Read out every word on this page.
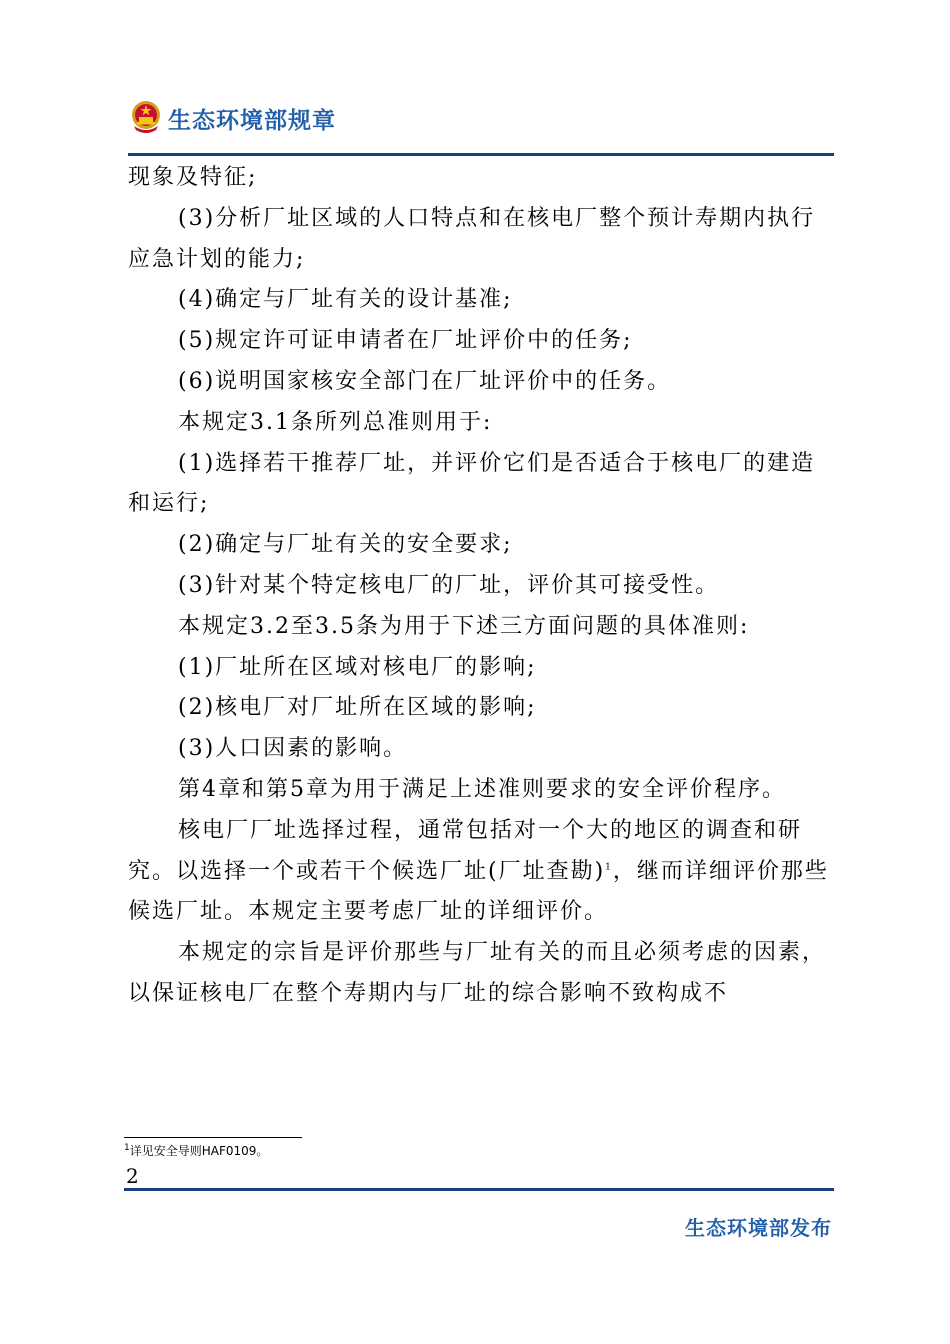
生态环境部规章

现象及特征;

(3)分析厂址区域的人口特点和在核电厂整个预计寿期内执行应急计划的能力;

(4)确定与厂址有关的设计基准;

(5)规定许可证申请者在厂址评价中的任务;

(6)说明国家核安全部门在厂址评价中的任务。

本规定3.1条所列总准则用于:

(1)选择若干推荐厂址，并评价它们是否适合于核电厂的建造和运行;

(2)确定与厂址有关的安全要求;

(3)针对某个特定核电厂的厂址，评价其可接受性。

本规定3.2至3.5条为用于下述三方面问题的具体准则:

(1)厂址所在区域对核电厂的影响;

(2)核电厂对厂址所在区域的影响;

(3)人口因素的影响。

第4章和第5章为用于满足上述准则要求的安全评价程序。

核电厂厂址选择过程，通常包括对一个大的地区的调查和研究。以选择一个或若干个候选厂址(厂址查勘)$^1$，继而详细评价那些候选厂址。本规定主要考虑厂址的详细评价。

本规定的宗旨是评价那些与厂址有关的而且必须考虑的因素，以保证核电厂在整个寿期内与厂址的综合影响不致构成不

$^1$详见安全导则HAF0109。
2
生态环境部发布
